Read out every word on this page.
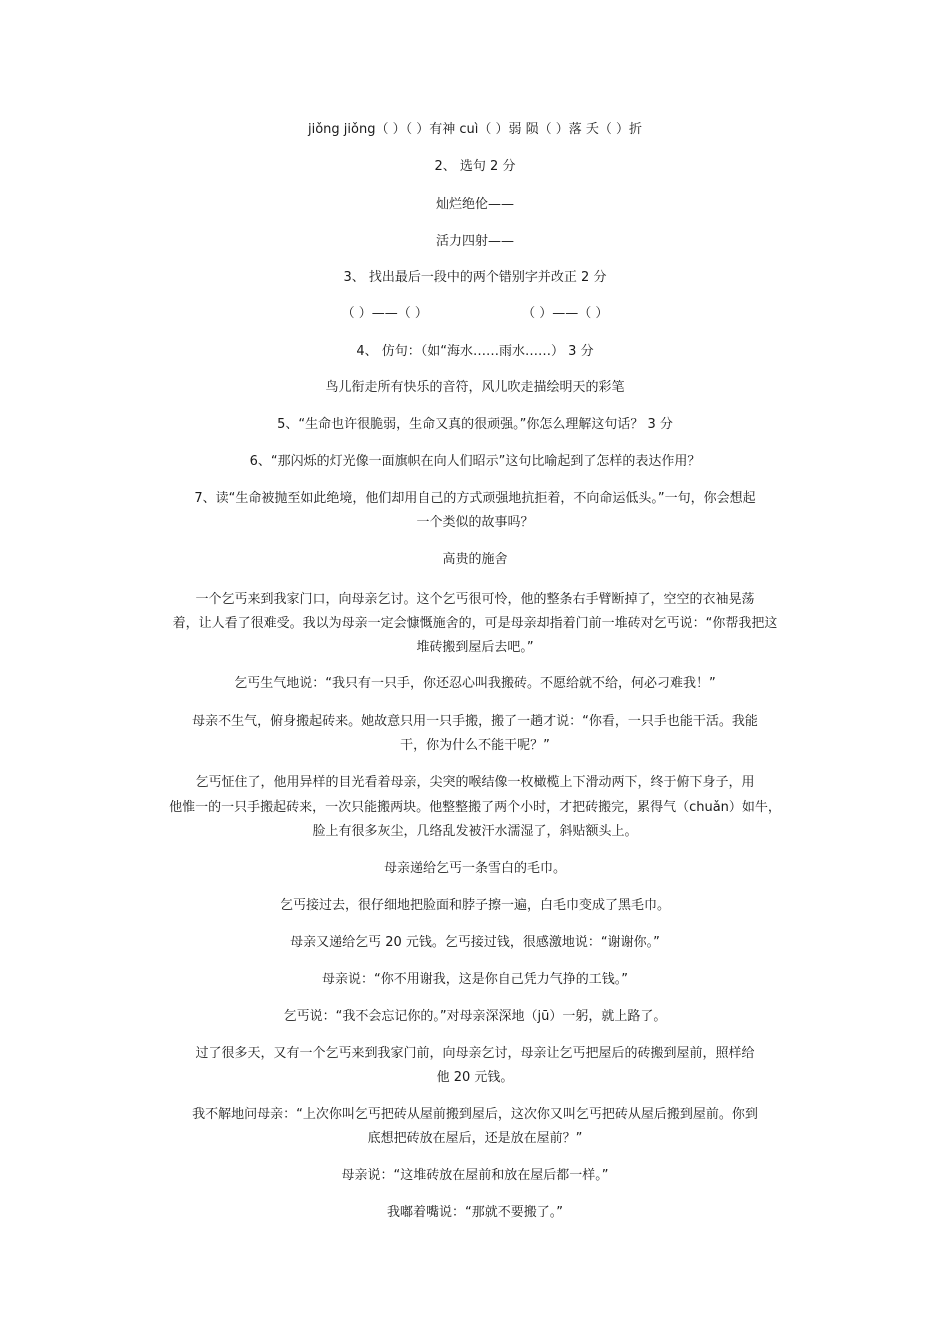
jiǒng jiǒng（ ）（ ）有神 cuì（ ）弱 陨（ ）落 夭（ ）折
2、 选句 2 分
灿烂绝伦——
活力四射——
3、 找出最后一段中的两个错别字并改正 2 分
（ ）——（ ）	（ ）——（ ）
4、 仿句：（如“海水……雨水……） 3 分
鸟儿衔走所有快乐的音符，风儿吹走描绘明天的彩笔
5、“生命也许很脆弱，生命又真的很顽强。”你怎么理解这句话？ 3 分
6、“那闪烁的灯光像一面旗帜在向人们昭示”这句比喻起到了怎样的表达作用？
7、读“生命被抛至如此绝境，他们却用自己的方式顽强地抗拒着，不向命运低头。”一句，你会想起
一个类似的故事吗？
高贵的施舍
一个乞丐来到我家门口，向母亲乞讨。这个乞丐很可怜，他的整条右手臂断掉了，空空的衣袖晃荡
着，让人看了很难受。我以为母亲一定会慷慨施舍的，可是母亲却指着门前一堆砖对乞丐说：“你帮我把这
堆砖搬到屋后去吧。”
乞丐生气地说：“我只有一只手，你还忍心叫我搬砖。不愿给就不给，何必刁难我！”
母亲不生气，俯身搬起砖来。她故意只用一只手搬，搬了一趟才说：“你看，一只手也能干活。我能
干，你为什么不能干呢？”
乞丐怔住了，他用异样的目光看着母亲，尖突的喉结像一枚橄榄上下滑动两下，终于俯下身子，用
他惟一的一只手搬起砖来，一次只能搬两块。他整整搬了两个小时，才把砖搬完，累得气（chuǎn）如牛，
脸上有很多灰尘，几络乱发被汗水濡湿了，斜贴额头上。
母亲递给乞丐一条雪白的毛巾。
乞丐接过去，很仔细地把脸面和脖子擦一遍，白毛巾变成了黑毛巾。
母亲又递给乞丐 20 元钱。乞丐接过钱，很感激地说：“谢谢你。”
母亲说：“你不用谢我，这是你自己凭力气挣的工钱。”
乞丐说：“我不会忘记你的。”对母亲深深地（jū）一躬，就上路了。
过了很多天，又有一个乞丐来到我家门前，向母亲乞讨，母亲让乞丐把屋后的砖搬到屋前，照样给
他 20 元钱。
我不解地问母亲：“上次你叫乞丐把砖从屋前搬到屋后，这次你又叫乞丐把砖从屋后搬到屋前。你到
底想把砖放在屋后，还是放在屋前？”
母亲说：“这堆砖放在屋前和放在屋后都一样。”
我嘟着嘴说：“那就不要搬了。”
